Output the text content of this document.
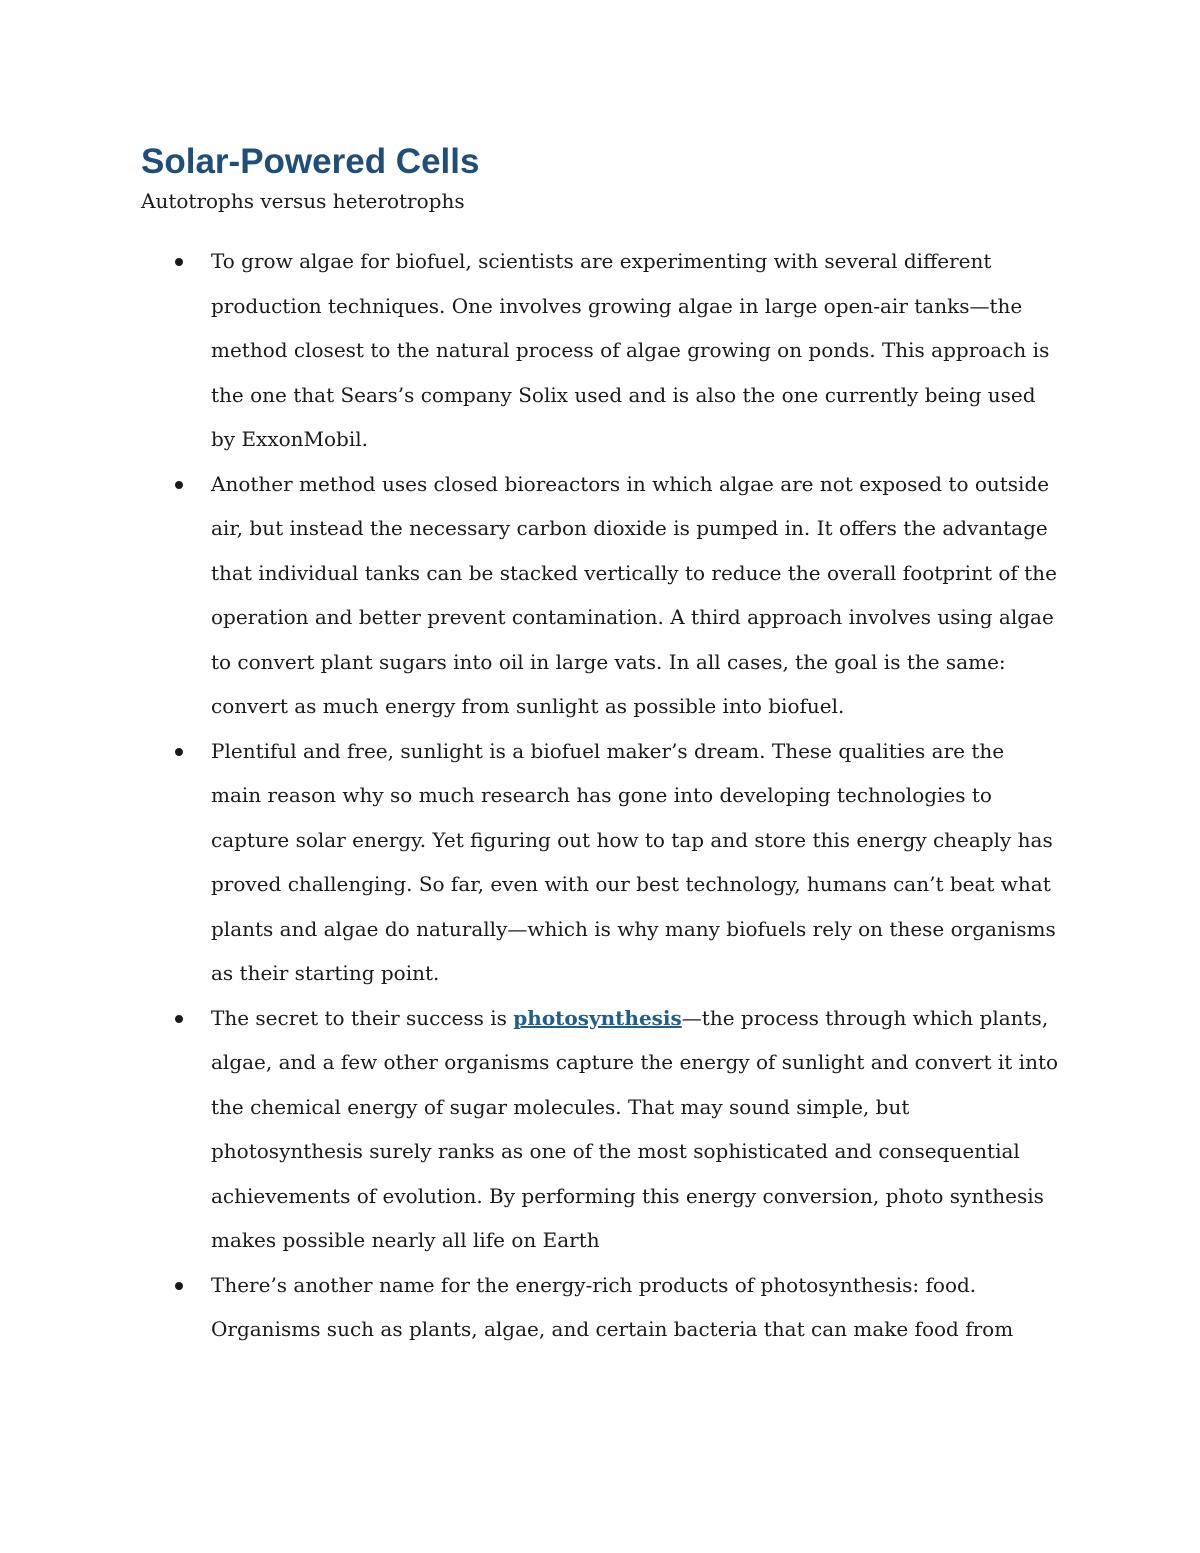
Solar-Powered Cells

Autotrophs versus heterotrophs

To grow algae for biofuel, scientists are experimenting with several different production techniques. One involves growing algae in large open-air tanks—the method closest to the natural process of algae growing on ponds. This approach is the one that Sears’s company Solix used and is also the one currently being used by ExxonMobil.
Another method uses closed bioreactors in which algae are not exposed to outside air, but instead the necessary carbon dioxide is pumped in. It offers the advantage that individual tanks can be stacked vertically to reduce the overall footprint of the operation and better prevent contamination. A third approach involves using algae to convert plant sugars into oil in large vats. In all cases, the goal is the same: convert as much energy from sunlight as possible into biofuel.
Plentiful and free, sunlight is a biofuel maker’s dream. These qualities are the main reason why so much research has gone into developing technologies to capture solar energy. Yet figuring out how to tap and store this energy cheaply has proved challenging. So far, even with our best technology, humans can’t beat what plants and algae do naturally—which is why many biofuels rely on these organisms as their starting point.
The secret to their success is photosynthesis—the process through which plants, algae, and a few other organisms capture the energy of sunlight and convert it into the chemical energy of sugar molecules. That may sound simple, but photosynthesis surely ranks as one of the most sophisticated and consequential achievements of evolution. By performing this energy conversion, photo synthesis makes possible nearly all life on Earth
There’s another name for the energy-rich products of photosynthesis: food. Organisms such as plants, algae, and certain bacteria that can make food from
